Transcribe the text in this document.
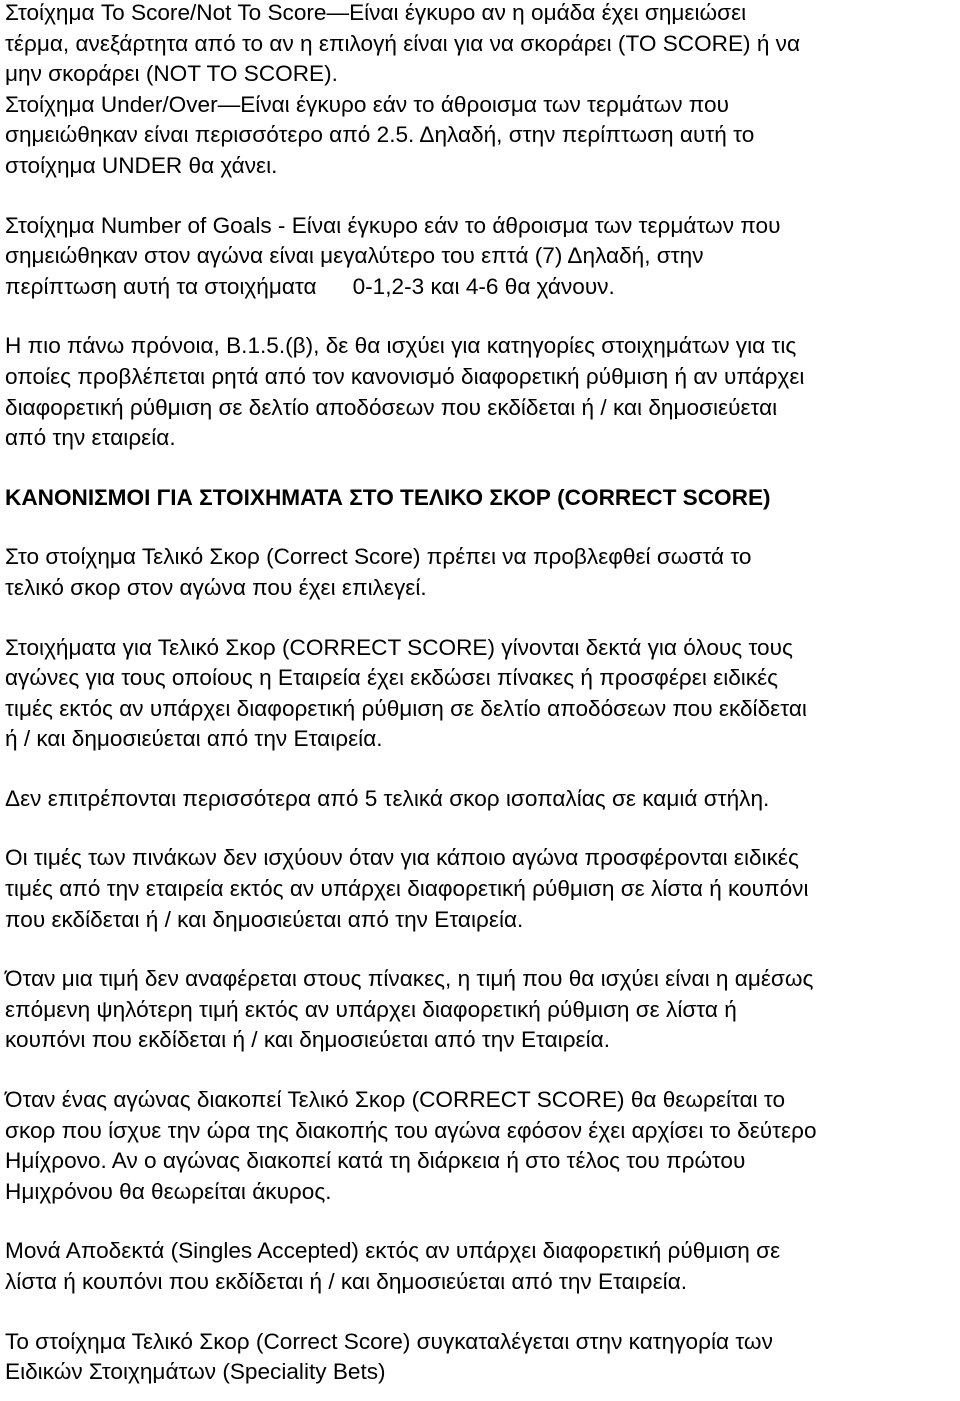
Στοίχημα To Score/Not To Score—Είναι έγκυρο αν η ομάδα έχει σημειώσει
τέρμα, ανεξάρτητα από το αν η επιλογή είναι για να σκοράρει (TO SCORE) ή να
μην σκοράρει (NOT TO SCORE).
Στοίχημα Under/Over—Είναι έγκυρο εάν το άθροισμα των τερμάτων που
σημειώθηκαν είναι περισσότερο από 2.5. Δηλαδή, στην περίπτωση αυτή το
στοίχημα UNDER θα χάνει.

Στοίχημα Number of Goals - Είναι έγκυρο εάν το άθροισμα των τερμάτων που
σημειώθηκαν στον αγώνα είναι μεγαλύτερο του επτά (7) Δηλαδή, στην
περίπτωση αυτή τα στοιχήματα 0-1,2-3 και 4-6 θα χάνουν.

Η πιο πάνω πρόνοια, Β.1.5.(β), δε θα ισχύει για κατηγορίες στοιχημάτων για τις
οποίες προβλέπεται ρητά από τον κανονισμό διαφορετική ρύθμιση ή αν υπάρχει
διαφορετική ρύθμιση σε δελτίο αποδόσεων που εκδίδεται ή / και δημοσιεύεται
από την εταιρεία.

ΚΑΝΟΝΙΣΜΟΙ ΓΙΑ ΣΤΟΙΧΗΜΑΤΑ ΣΤΟ ΤΕΛΙΚΟ ΣΚΟΡ (CORRECT SCORE)

Στο στοίχημα Τελικό Σκορ (Correct Score) πρέπει να προβλεφθεί σωστά το
τελικό σκορ στον αγώνα που έχει επιλεγεί.

Στοιχήματα για Τελικό Σκορ (CORRECT SCORE) γίνονται δεκτά για όλους τους
αγώνες για τους οποίους η Εταιρεία έχει εκδώσει πίνακες ή προσφέρει ειδικές
τιμές εκτός αν υπάρχει διαφορετική ρύθμιση σε δελτίο αποδόσεων που εκδίδεται
ή / και δημοσιεύεται από την Εταιρεία.

Δεν επιτρέπονται περισσότερα από 5 τελικά σκορ ισοπαλίας σε καμιά στήλη.

Οι τιμές των πινάκων δεν ισχύουν όταν για κάποιο αγώνα προσφέρονται ειδικές
τιμές από την εταιρεία εκτός αν υπάρχει διαφορετική ρύθμιση σε λίστα ή κουπόνι
που εκδίδεται ή / και δημοσιεύεται από την Εταιρεία.

Όταν μια τιμή δεν αναφέρεται στους πίνακες, η τιμή που θα ισχύει είναι η αμέσως
επόμενη ψηλότερη τιμή εκτός αν υπάρχει διαφορετική ρύθμιση σε λίστα ή
κουπόνι που εκδίδεται ή / και δημοσιεύεται από την Εταιρεία.

Όταν ένας αγώνας διακοπεί Τελικό Σκορ (CORRECT SCORE) θα θεωρείται το
σκορ που ίσχυε την ώρα της διακοπής του αγώνα εφόσον έχει αρχίσει το δεύτερο
Ημίχρονο. Αν ο αγώνας διακοπεί κατά τη διάρκεια ή στο τέλος του πρώτου
Ημιχρόνου θα θεωρείται άκυρος.

Μονά Αποδεκτά (Singles Accepted) εκτός αν υπάρχει διαφορετική ρύθμιση σε
λίστα ή κουπόνι που εκδίδεται ή / και δημοσιεύεται από την Εταιρεία.

Το στοίχημα Τελικό Σκορ (Correct Score) συγκαταλέγεται στην κατηγορία των
Ειδικών Στοιχημάτων (Speciality Bets)
